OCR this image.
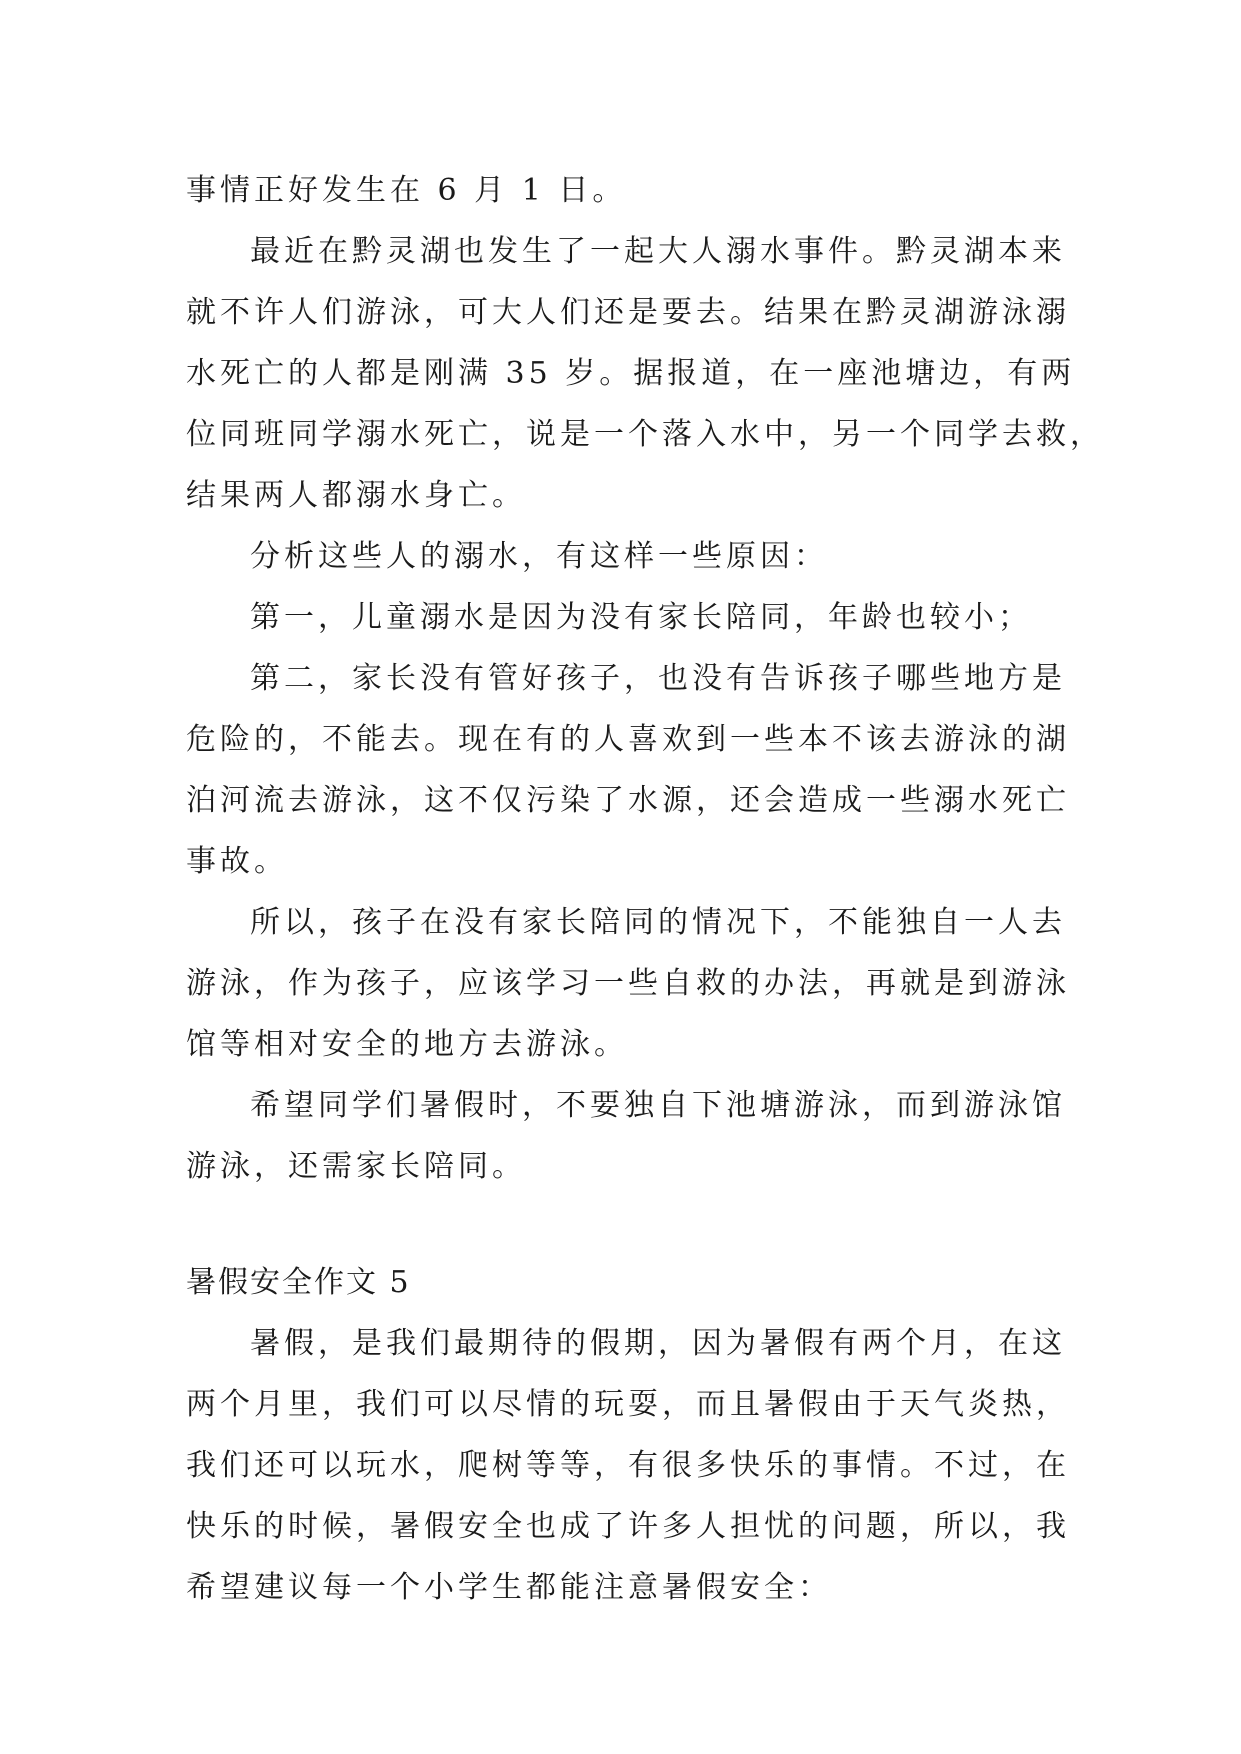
事情正好发生在 6 月 1 日。
最近在黔灵湖也发生了一起大人溺水事件。黔灵湖本来
就不许人们游泳，可大人们还是要去。结果在黔灵湖游泳溺
水死亡的人都是刚满 35 岁。据报道，在一座池塘边，有两
位同班同学溺水死亡，说是一个落入水中，另一个同学去救，
结果两人都溺水身亡。
分析这些人的溺水，有这样一些原因：
第一，儿童溺水是因为没有家长陪同，年龄也较小；
第二，家长没有管好孩子，也没有告诉孩子哪些地方是
危险的，不能去。现在有的人喜欢到一些本不该去游泳的湖
泊河流去游泳，这不仅污染了水源，还会造成一些溺水死亡
事故。
所以，孩子在没有家长陪同的情况下，不能独自一人去
游泳，作为孩子，应该学习一些自救的办法，再就是到游泳
馆等相对安全的地方去游泳。
希望同学们暑假时，不要独自下池塘游泳，而到游泳馆
游泳，还需家长陪同。
暑假安全作文 5
暑假，是我们最期待的假期，因为暑假有两个月，在这
两个月里，我们可以尽情的玩耍，而且暑假由于天气炎热，
我们还可以玩水，爬树等等，有很多快乐的事情。不过，在
快乐的时候，暑假安全也成了许多人担忧的问题，所以，我
希望建议每一个小学生都能注意暑假安全：
